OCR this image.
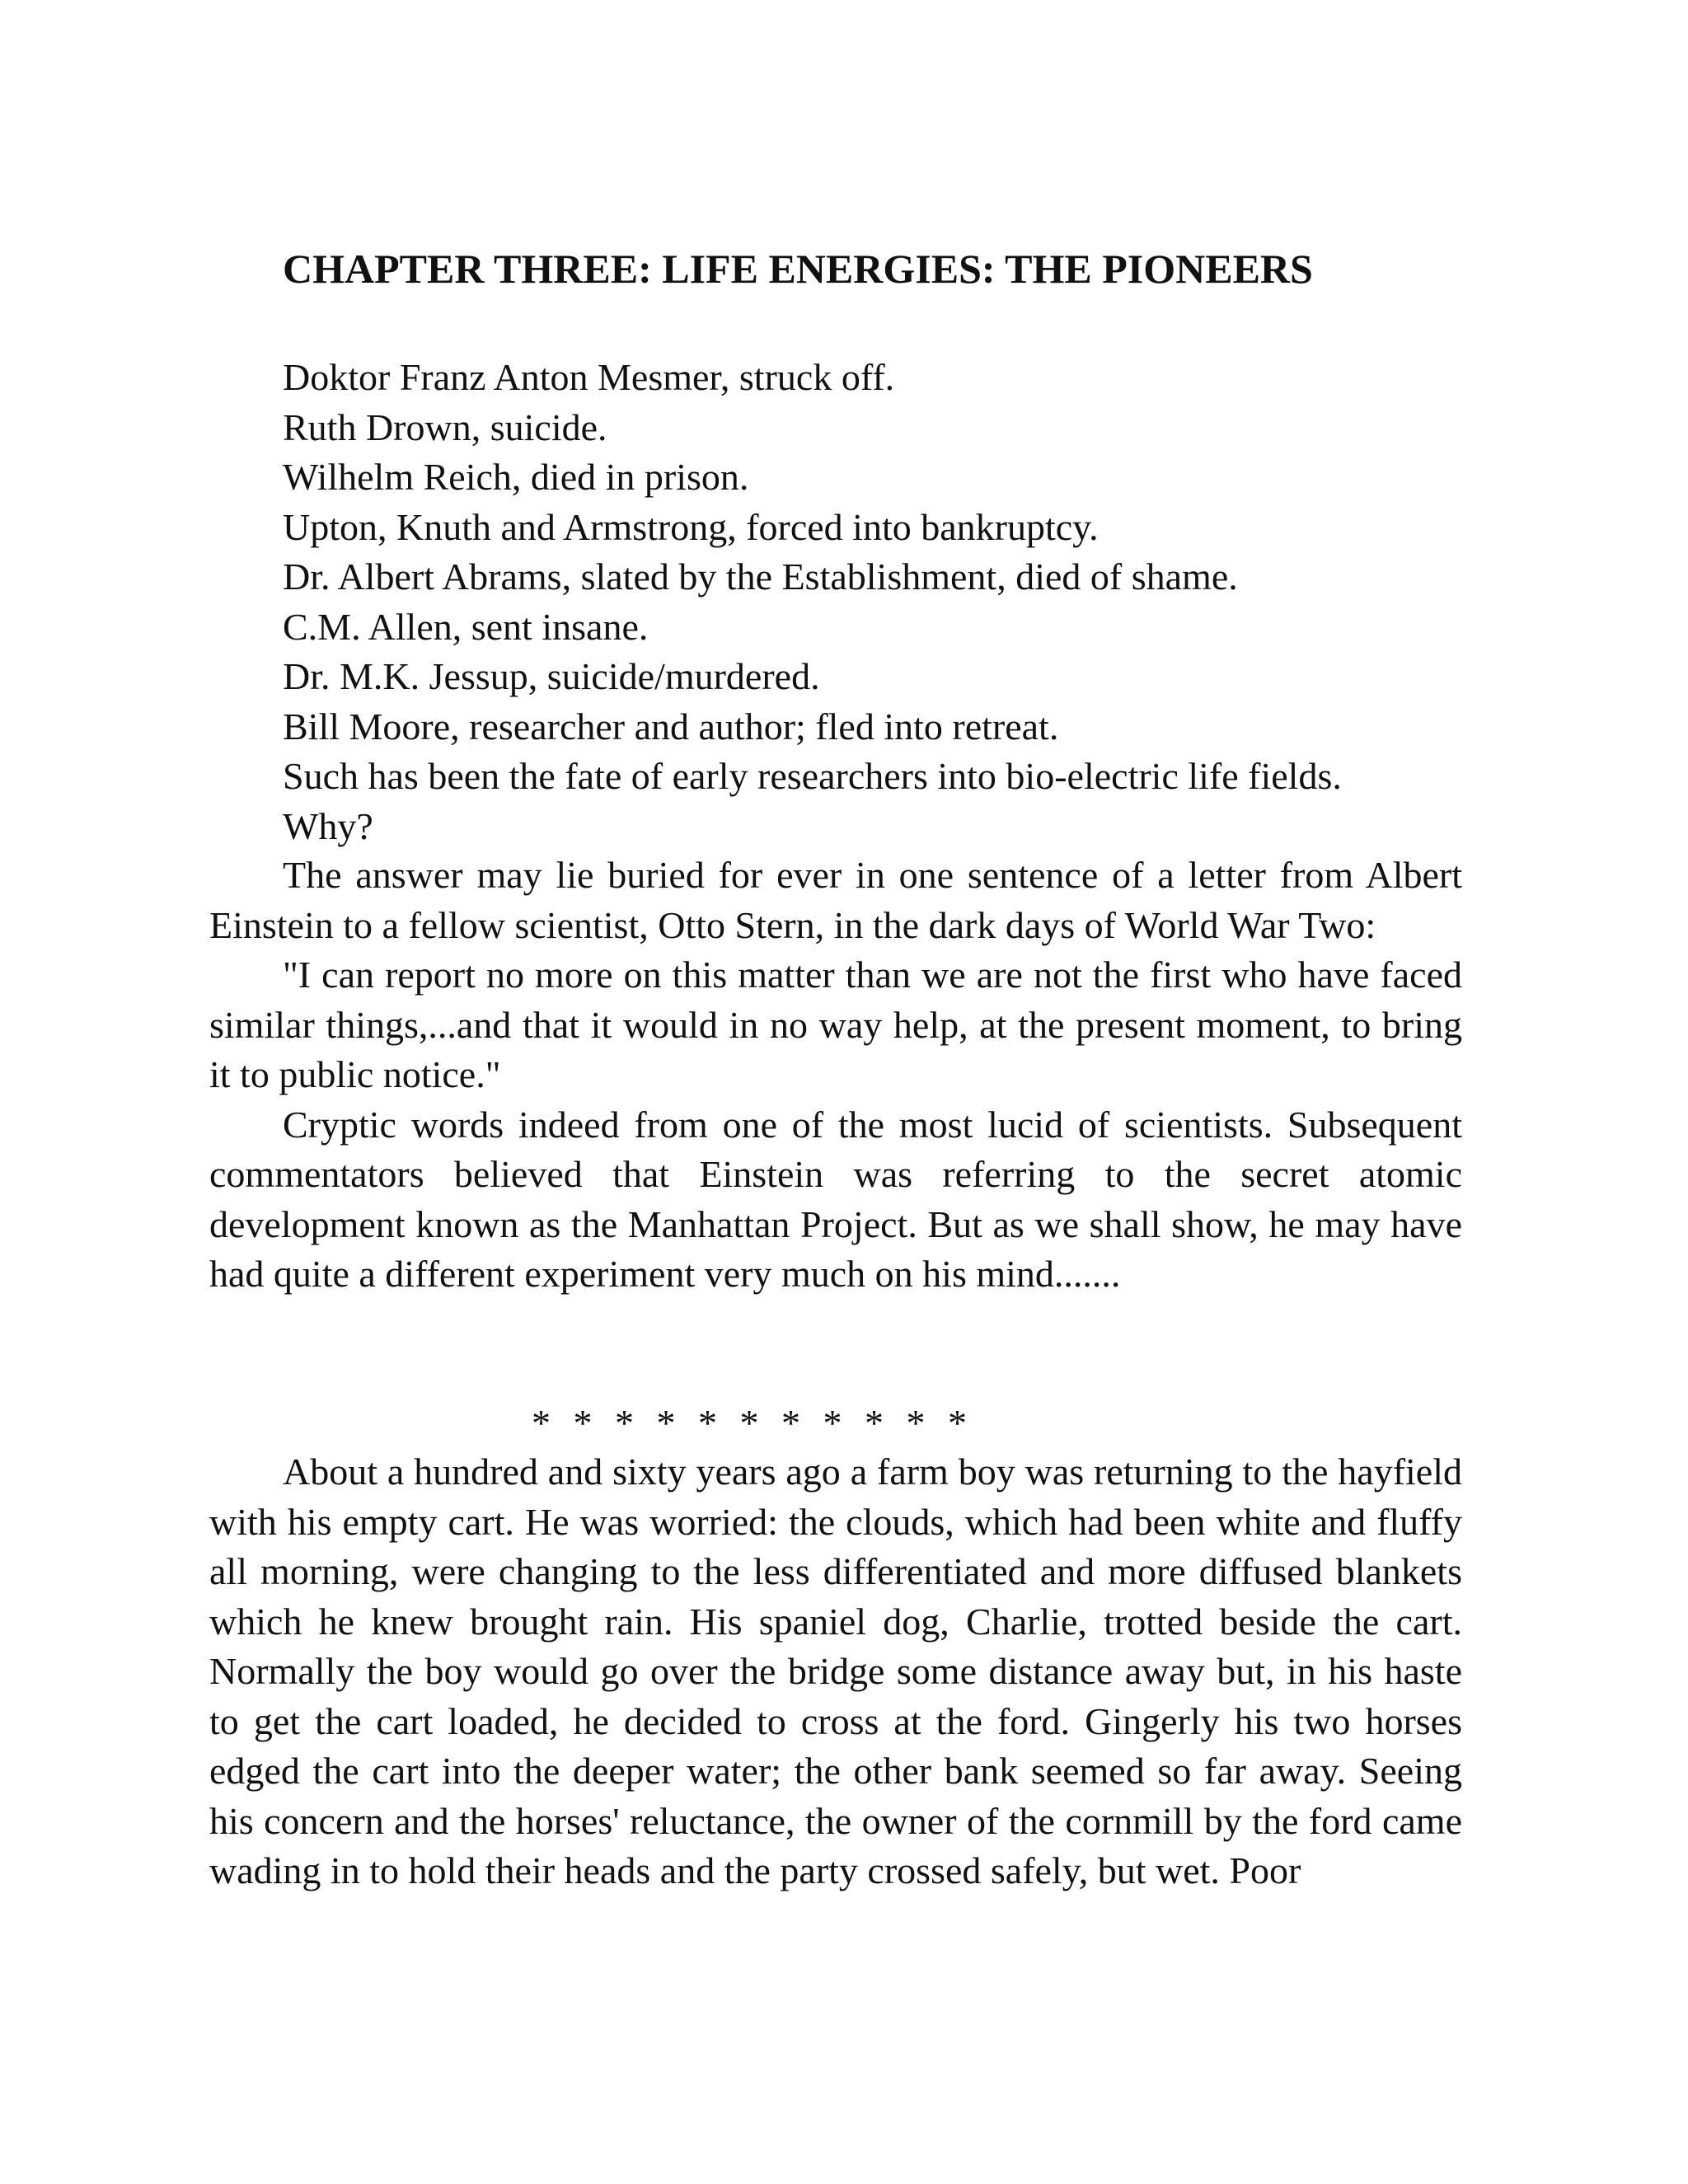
CHAPTER THREE: LIFE ENERGIES: THE PIONEERS
Doktor Franz Anton Mesmer, struck off.
Ruth Drown, suicide.
Wilhelm Reich, died in prison.
Upton, Knuth and Armstrong, forced into bankruptcy.
Dr. Albert Abrams, slated by the Establishment, died of shame.
C.M. Allen, sent insane.
Dr. M.K. Jessup, suicide/murdered.
Bill Moore, researcher and author; fled into retreat.
Such has been the fate of early researchers into bio-electric life fields.
Why?

The answer may lie buried for ever in one sentence of a letter from Albert Einstein to a fellow scientist, Otto Stern, in the dark days of World War Two:

"I can report no more on this matter than we are not the first who have faced similar things,...and that it would in no way help, at the present moment, to bring it to public notice."

Cryptic words indeed from one of the most lucid of scientists. Subsequent commentators believed that Einstein was referring to the secret atomic development known as the Manhattan Project. But as we shall show, he may have had quite a different experiment very much on his mind.......

* * * * * * * * * * *

About a hundred and sixty years ago a farm boy was returning to the hayfield with his empty cart. He was worried: the clouds, which had been white and fluffy all morning, were changing to the less differentiated and more diffused blankets which he knew brought rain. His spaniel dog, Charlie, trotted beside the cart. Normally the boy would go over the bridge some distance away but, in his haste to get the cart loaded, he decided to cross at the ford. Gingerly his two horses edged the cart into the deeper water; the other bank seemed so far away. Seeing his concern and the horses' reluctance, the owner of the cornmill by the ford came wading in to hold their heads and the party crossed safely, but wet. Poor
